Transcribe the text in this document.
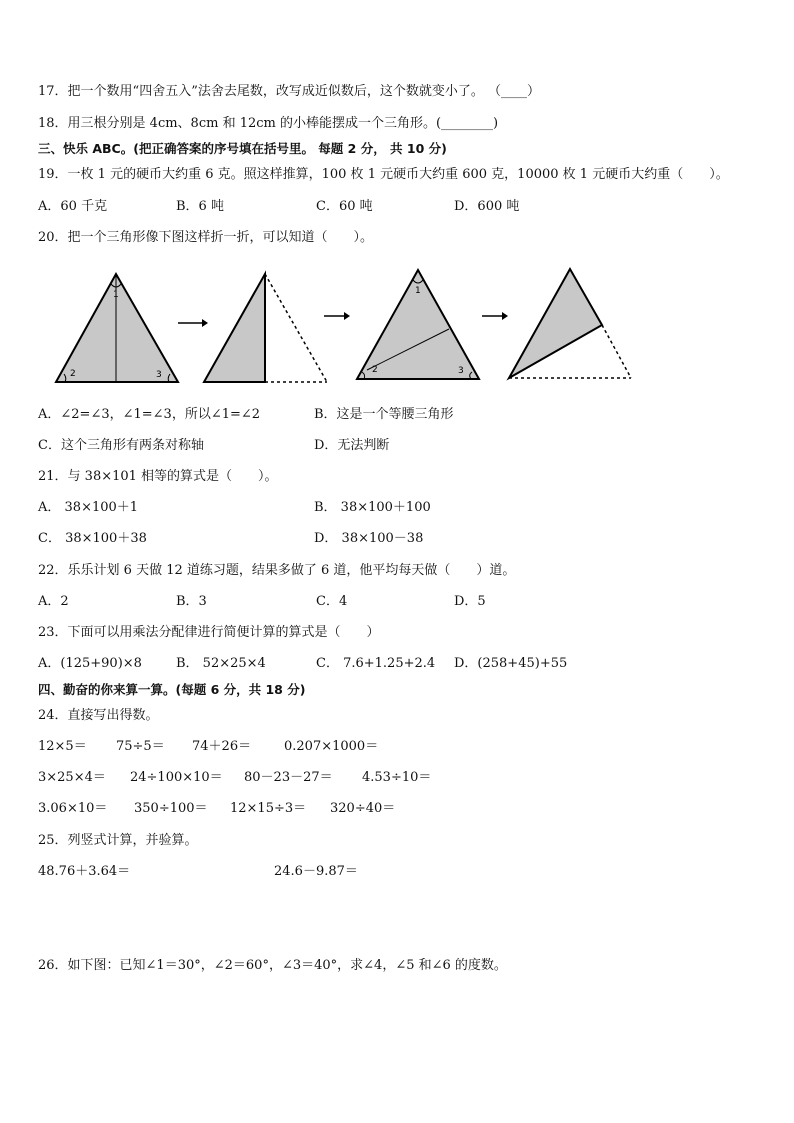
17．把一个数用“四舍五入”法舍去尾数，改写成近似数后，这个数就变小了。 （____）
18．用三根分别是 4cm、8cm 和 12cm 的小棒能摆成一个三角形。(________)
三、快乐 ABC。(把正确答案的序号填在括号里。 每题 2 分， 共 10 分)
19．一枚 1 元的硬币大约重 6 克。照这样推算，100 枚 1 元硬币大约重 600 克，10000 枚 1 元硬币大约重（　　）。
A．60 千克	B．6 吨	C．60 吨	D．600 吨
20．把一个三角形像下图这样折一折，可以知道（　　）。
1
2	3
1
2	3
A．∠2=∠3，∠1=∠3，所以∠1=∠2	B．这是一个等腰三角形
C．这个三角形有两条对称轴	D．无法判断
21．与 38×101 相等的算式是（　　）。
A． 38×100＋1	B． 38×100＋100
C． 38×100＋38	D． 38×100－38
22．乐乐计划 6 天做 12 道练习题，结果多做了 6 道，他平均每天做（　　）道。
A．2	B．3	C．4	D．5
23．下面可以用乘法分配律进行简便计算的算式是（　　）
A．(125+90)×8	B． 52×25×4	C． 7.6+1.25+2.4 D．(258+45)+55
四、勤奋的你来算一算。(每题 6 分，共 18 分)
24．直接写出得数。
12×5＝ 75÷5＝ 74＋26＝	0.207×1000＝
3×25×4＝ 24÷100×10＝ 80－23－27＝ 4.53÷10＝
3.06×10＝ 350÷100＝ 12×15÷3＝ 320÷40＝
25．列竖式计算，并验算。
48.76＋3.64＝	24.6－9.87＝
26．如下图：已知∠1＝30°，∠2＝60°，∠3＝40°，求∠4，∠5 和∠6 的度数。
